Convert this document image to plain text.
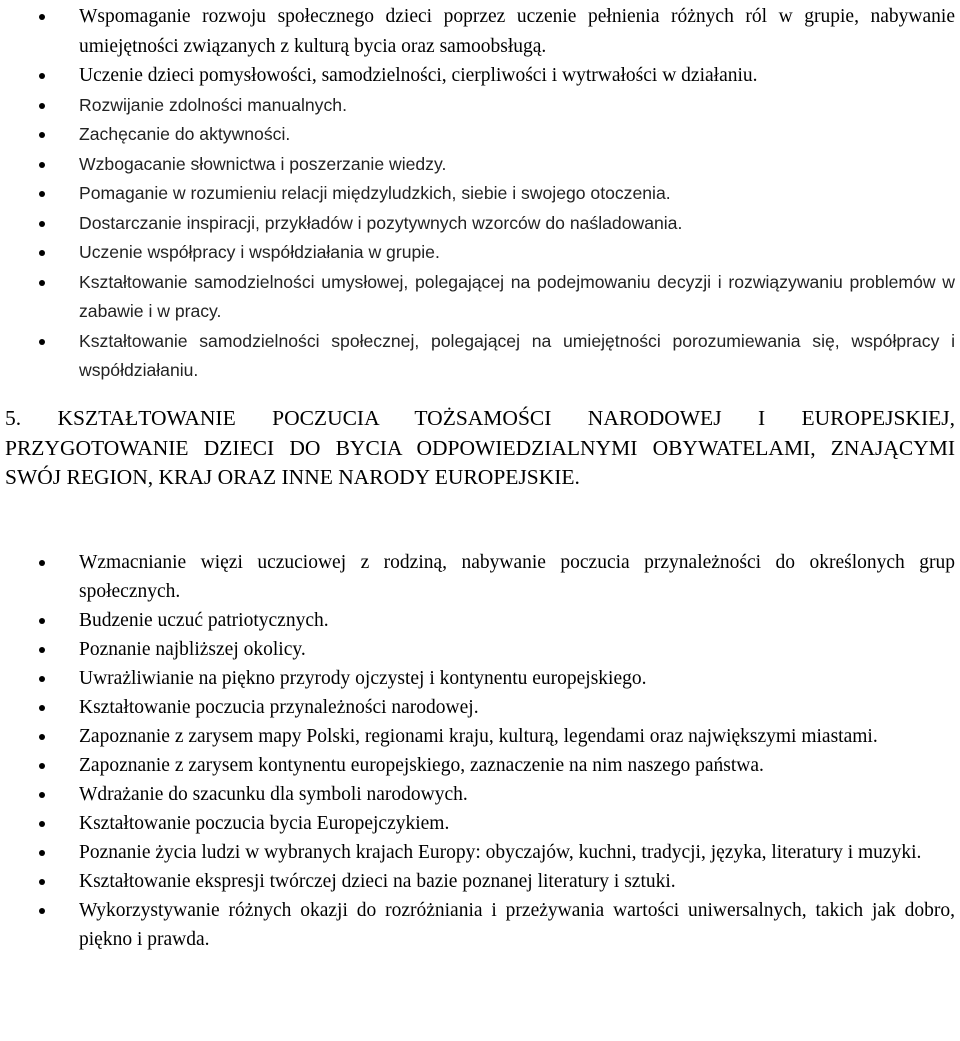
Wspomaganie rozwoju społecznego dzieci poprzez uczenie pełnienia różnych ról w grupie, nabywanie umiejętności związanych z kulturą bycia oraz samoobsługą.
Uczenie dzieci pomysłowości, samodzielności, cierpliwości i wytrwałości w działaniu.
Rozwijanie zdolności manualnych.
Zachęcanie do aktywności.
Wzbogacanie słownictwa i poszerzanie wiedzy.
Pomaganie w rozumieniu relacji międzyludzkich, siebie i swojego otoczenia.
Dostarczanie inspiracji, przykładów i pozytywnych wzorców do naśladowania.
Uczenie współpracy i współdziałania w grupie.
Kształtowanie samodzielności umysłowej, polegającej na podejmowaniu decyzji i rozwiązywaniu problemów w zabawie i w pracy.
Kształtowanie samodzielności społecznej, polegającej na umiejętności porozumiewania się, współpracy i współdziałaniu.
5. KSZTAŁTOWANIE POCZUCIA TOŻSAMOŚCI NARODOWEJ I EUROPEJSKIEJ, PRZYGOTOWANIE DZIECI DO BYCIA ODPOWIEDZIALNYMI OBYWATELAMI, ZNAJĄCYMI SWÓJ REGION, KRAJ ORAZ INNE NARODY EUROPEJSKIE.
Wzmacnianie więzi uczuciowej z rodziną, nabywanie poczucia przynależności do określonych grup społecznych.
Budzenie uczuć patriotycznych.
Poznanie najbliższej okolicy.
Uwrażliwianie na piękno przyrody ojczystej i kontynentu europejskiego.
Kształtowanie poczucia przynależności narodowej.
Zapoznanie z zarysem mapy Polski, regionami kraju, kulturą, legendami oraz największymi miastami.
Zapoznanie z zarysem kontynentu europejskiego, zaznaczenie na nim naszego państwa.
Wdrażanie do szacunku dla symboli narodowych.
Kształtowanie poczucia bycia Europejczykiem.
Poznanie życia ludzi w wybranych krajach Europy: obyczajów, kuchni, tradycji, języka, literatury i muzyki.
Kształtowanie ekspresji twórczej dzieci na bazie poznanej literatury i sztuki.
Wykorzystywanie różnych okazji do rozróżniania i przeżywania wartości uniwersalnych, takich jak dobro, piękno i prawda.
